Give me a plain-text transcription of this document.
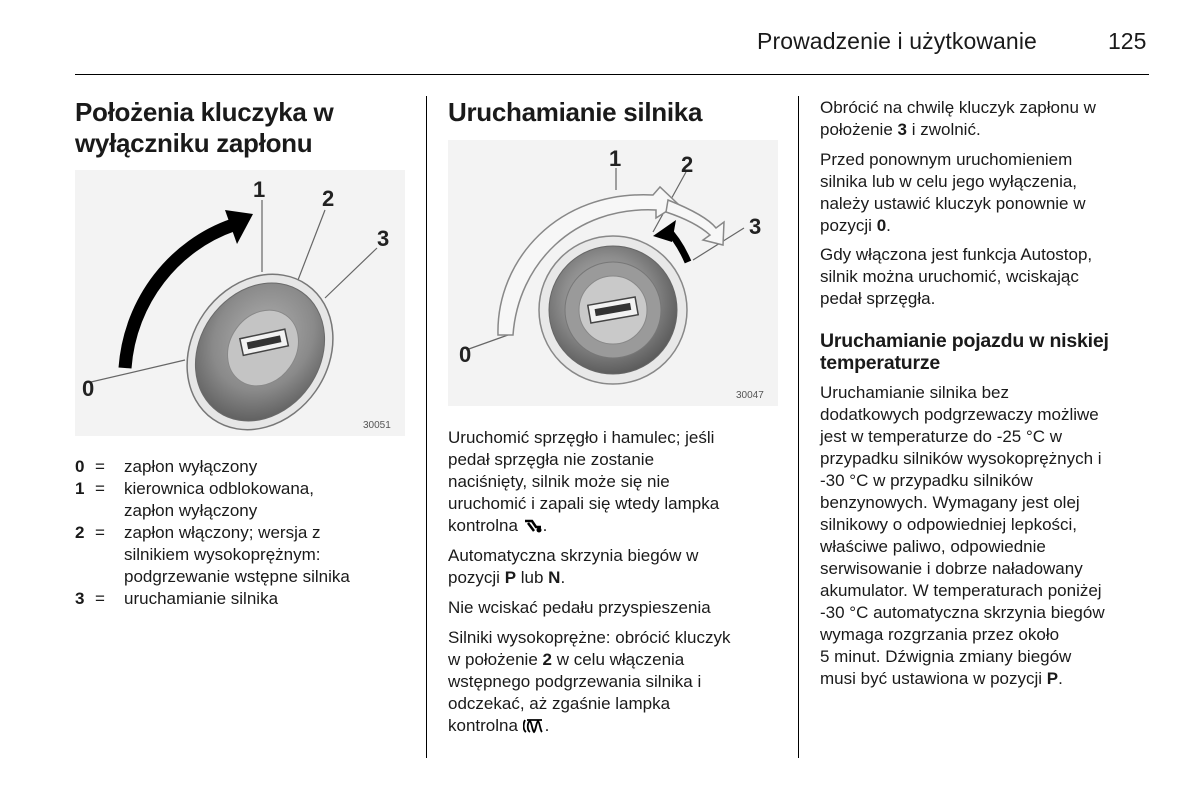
Prowadzenie i użytkowanie	125
Położenia kluczyka w
wyłączniku zapłonu
0
1	2
3
30051
0 =	zapłon wyłączony
1 =	kierownica odblokowana,
zapłon wyłączony
2 =	zapłon włączony; wersja z
silnikiem wysokoprężnym:
podgrzewanie wstępne silnika
3 =	uruchamianie silnika
Uruchamianie silnika
0
1	2
3
30047
Uruchomić sprzęgło i hamulec; jeśli
pedał sprzęgła nie zostanie
naciśnięty, silnik może się nie
uruchomić i zapali się wtedy lampka
kontrolna .
Automatyczna skrzynia biegów w
pozycji P lub N.
Nie wciskać pedału przyspieszenia
Silniki wysokoprężne: obrócić kluczyk
w położenie 2 w celu włączenia
wstępnego podgrzewania silnika i
odczekać, aż zgaśnie lampka
kontrolna .
Obrócić na chwilę kluczyk zapłonu w
położenie 3 i zwolnić.
Przed ponownym uruchomieniem
silnika lub w celu jego wyłączenia,
należy ustawić kluczyk ponownie w
pozycji 0.
Gdy włączona jest funkcja Autostop,
silnik można uruchomić, wciskając
pedał sprzęgła.
Uruchamianie pojazdu w niskiej
temperaturze
Uruchamianie silnika bez
dodatkowych podgrzewaczy możliwe
jest w temperaturze do -25 °C w
przypadku silników wysokoprężnych i
-30 °C w przypadku silników
benzynowych. Wymagany jest olej
silnikowy o odpowiedniej lepkości,
właściwe paliwo, odpowiednie
serwisowanie i dobrze naładowany
akumulator. W temperaturach poniżej
-30 °C automatyczna skrzynia biegów
wymaga rozgrzania przez około
5 minut. Dźwignia zmiany biegów
musi być ustawiona w pozycji P.
